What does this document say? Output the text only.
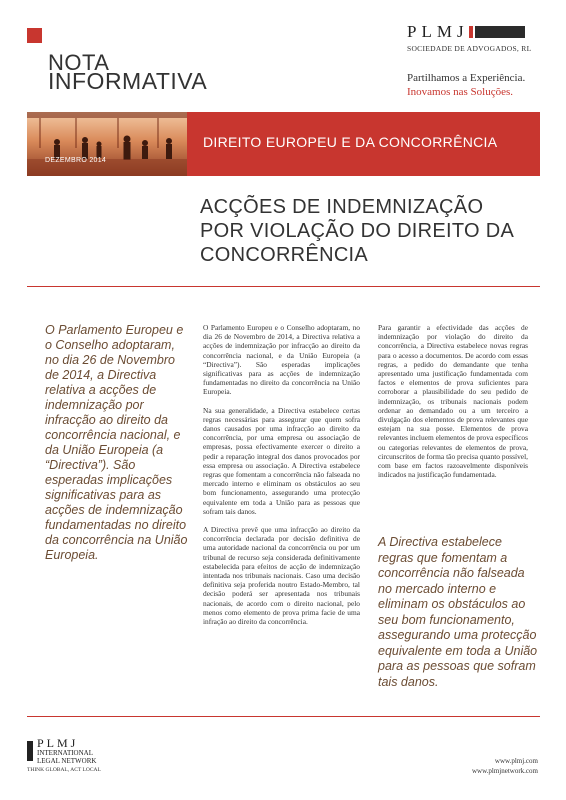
NOTA
INFORMATIVA
PLMJ
SOCIEDADE DE ADVOGADOS, RL
Partilhamos a Experiência.
Inovamos nas Soluções.
DEZEMBRO 2014
DIREITO EUROPEU E DA CONCORRÊNCIA
ACÇÕES DE INDEMNIZAÇÃO
POR VIOLAÇÃO DO DIREITO DA
CONCORRÊNCIA
O Parlamento Europeu e o Conselho adoptaram, no dia 26 de Novembro de 2014, a Directiva relativa a acções de indemnização por infracção ao direito da concorrência nacional, e da União Europeia (a “Directiva”). São esperadas implicações significativas para as acções de indemnização fundamentadas no direito da concorrência na União Europeia.

O Parlamento Europeu e o Conselho adoptaram, no dia 26 de Novembro de 2014, a Directiva relativa a acções de indemnização por infracção ao direito da concorrência nacional, e da União Europeia (a “Directiva”). São esperadas implicações significativas para as acções de indemnização fundamentadas no direito da concorrência na União Europeia.

Na sua generalidade, a Directiva estabelece certas regras necessárias para assegurar que quem sofra danos causados por uma infracção ao direito da concorrência, por uma empresa ou associação de empresas, possa efectivamente exercer o direito a pedir a reparação integral dos danos provocados por essa empresa ou associação. A Directiva estabelece regras que fomentam a concorrência não falseada no mercado interno e eliminam os obstáculos ao seu bom funcionamento, assegurando uma protecção equivalente em toda a União para as pessoas que sofram tais danos.

A Directiva prevê que uma infracção ao direito da concorrência declarada por decisão definitiva de uma autoridade nacional da concorrência ou por um tribunal de recurso seja considerada definitivamente estabelecida para efeitos de acção de indemnização intentada nos tribunais nacionais. Caso uma decisão definitiva seja proferida noutro Estado-Membro, tal decisão poderá ser apresentada nos tribunais nacionais, de acordo com o direito nacional, pelo menos como elemento de prova prima facie de uma infração ao direito da concorrência.

Para garantir a efectividade das acções de indemnização por violação do direito da concorrência, a Directiva estabelece novas regras para o acesso a documentos. De acordo com essas regras, a pedido do demandante que tenha apresentado uma justificação fundamentada com factos e elementos de prova suficientes para corroborar a plausibilidade do seu pedido de indemnização, os tribunais nacionais podem ordenar ao demandado ou a um terceiro a divulgação dos elementos de prova relevantes que estejam na sua posse. Elementos de prova relevantes incluem elementos de prova específicos ou categorias relevantes de elementos de prova, circunscritos de forma tão precisa quanto possível, com base em factos razoavelmente disponíveis indicados na justificação fundamentada.

A Directiva estabelece regras que fomentam a concorrência não falseada no mercado interno e eliminam os obstáculos ao seu bom funcionamento, assegurando uma protecção equivalente em toda a União para as pessoas que sofram tais danos.
PLMJ
INTERNATIONAL
LEGAL NETWORK
THINK GLOBAL, ACT LOCAL
www.plmj.com
www.plmjnetwork.com
